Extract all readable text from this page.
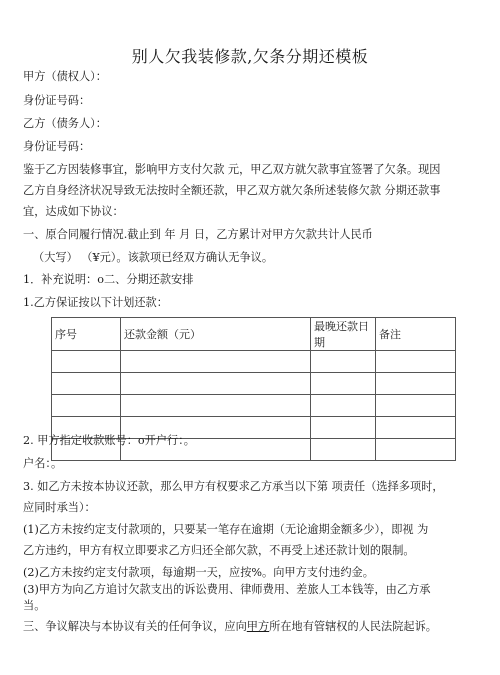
别人欠我装修款,欠条分期还模板
甲方（债权人）：
身份证号码：
乙方（债务人）：
身份证号码：
鉴于乙方因装修事宜，影响甲方支付欠款 元，甲乙双方就欠款事宜签署了欠条。现因
乙方自身经济状况导致无法按时全额还款，甲乙双方就欠条所述装修欠款 分期还款事
宜，达成如下协议：
一、原合同履行情况.截止到 年 月 日，乙方累计对甲方欠款共计人民币
（大写） （¥元）。该款项已经双方确认无争议。
1．补充说明：o二、分期还款安排
1.乙方保证按以下计划还款：
序号	还款金额（元）	最晚还款日期	备注

2. 甲方指定收款账号：o开户行：。
户名：。
3. 如乙方未按本协议还款，那么甲方有权要求乙方承当以下第 项责任（选择多项时，
应同时承当）：
(1)乙方未按约定支付款项的，只要某一笔存在逾期（无论逾期金额多少），即视 为
乙方违约，甲方有权立即要求乙方归还全部欠款，不再受上述还款计划的限制。
(2)乙方未按约定支付款项，每逾期一天，应按%。向甲方支付违约金。
(3)甲方为向乙方追讨欠款支出的诉讼费用、律师费用、差旅人工本钱等，由乙方承
当。
三、争议解决与本协议有关的任何争议，应向甲方所在地有管辖权的人民法院起诉。
